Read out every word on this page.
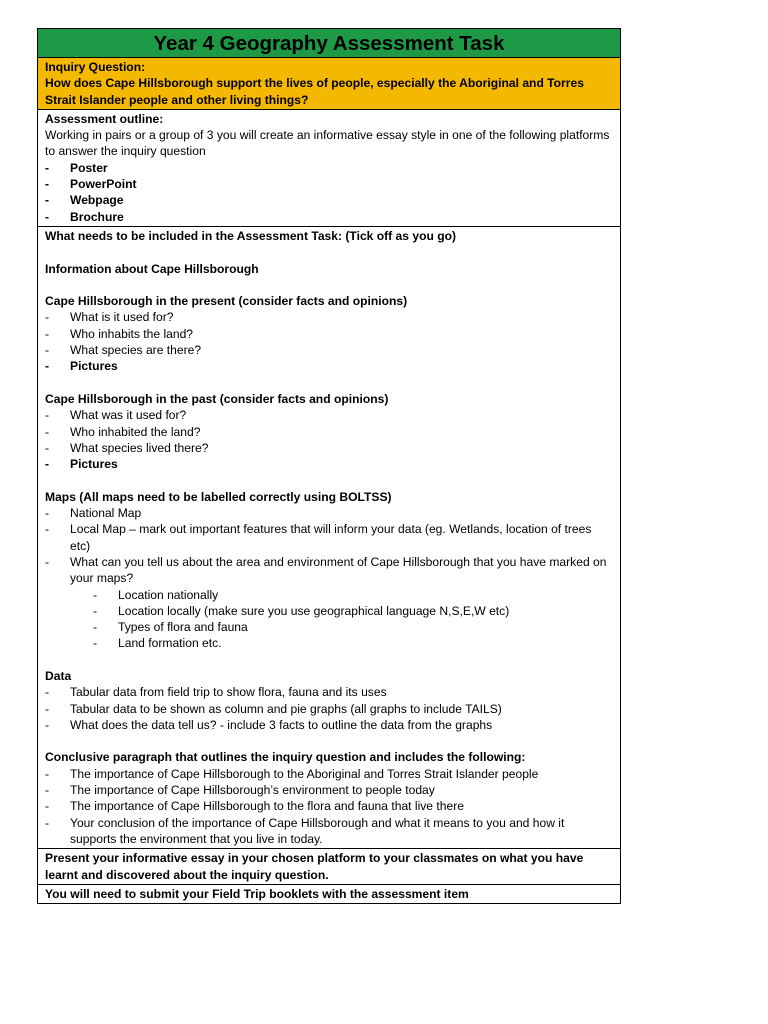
Year 4 Geography Assessment Task
Inquiry Question:
How does Cape Hillsborough support the lives of people, especially the Aboriginal and Torres Strait Islander people and other living things?
Assessment outline:
Working in pairs or a group of 3 you will create an informative essay style in one of the following platforms to answer the inquiry question
- Poster
- PowerPoint
- Webpage
- Brochure
What needs to be included in the Assessment Task: (Tick off as you go)
Information about Cape Hillsborough
Cape Hillsborough in the present (consider facts and opinions)
- What is it used for?
- Who inhabits the land?
- What species are there?
- Pictures
Cape Hillsborough in the past (consider facts and opinions)
- What was it used for?
- Who inhabited the land?
- What species lived there?
- Pictures
Maps (All maps need to be labelled correctly using BOLTSS)
- National Map
- Local Map – mark out important features that will inform your data (eg. Wetlands, location of trees etc)
- What can you tell us about the area and environment of Cape Hillsborough that you have marked on your maps?
- Location nationally
- Location locally (make sure you use geographical language N,S,E,W etc)
- Types of flora and fauna
- Land formation etc.
Data
- Tabular data from field trip to show flora, fauna and its uses
- Tabular data to be shown as column and pie graphs (all graphs to include TAILS)
- What does the data tell us? - include 3 facts to outline the data from the graphs
Conclusive paragraph that outlines the inquiry question and includes the following:
- The importance of Cape Hillsborough to the Aboriginal and Torres Strait Islander people
- The importance of Cape Hillsborough’s environment to people today
- The importance of Cape Hillsborough to the flora and fauna that live there
- Your conclusion of the importance of Cape Hillsborough and what it means to you and how it supports the environment that you live in today.
Present your informative essay in your chosen platform to your classmates on what you have learnt and discovered about the inquiry question.
You will need to submit your Field Trip booklets with the assessment item
